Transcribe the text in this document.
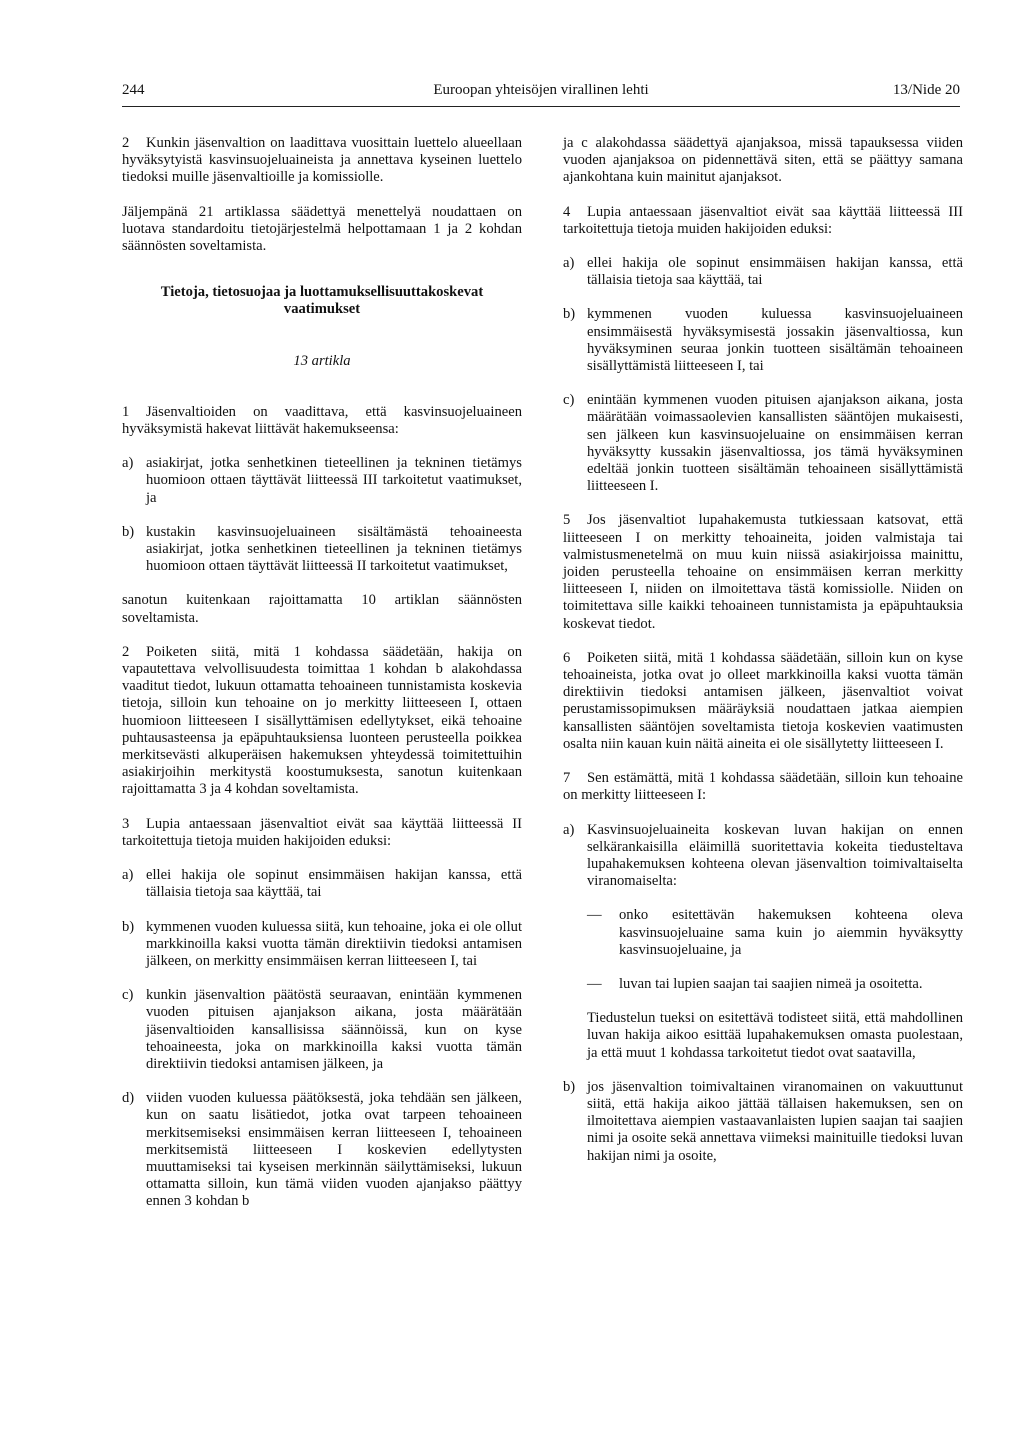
244	Euroopan yhteisöjen virallinen lehti	13/Nide 20

2 Kunkin jäsenvaltion on laadittava vuosittain luettelo alueellaan hyväksytyistä kasvinsuojeluaineista ja annettava kyseinen luettelo tiedoksi muille jäsenvaltioille ja komissiolle.

Jäljempänä 21 artiklassa säädettyä menettelyä noudattaen on luotava standardoitu tietojärjestelmä helpottamaan 1 ja 2 kohdan säännösten soveltamista.

Tietoja, tietosuojaa ja luottamuksellisuuttakoskevat vaatimukset

13 artikla

1 Jäsenvaltioiden on vaadittava, että kasvinsuojeluaineen hyväksymistä hakevat liittävät hakemukseensa:

a) asiakirjat, jotka senhetkinen tieteellinen ja tekninen tietämys huomioon ottaen täyttävät liitteessä III tarkoitetut vaatimukset, ja
b) kustakin kasvinsuojeluaineen sisältämästä tehoaineesta asiakirjat, jotka senhetkinen tieteellinen ja tekninen tietämys huomioon ottaen täyttävät liitteessä II tarkoitetut vaatimukset,

sanotun kuitenkaan rajoittamatta 10 artiklan säännösten soveltamista.

2 Poiketen siitä, mitä 1 kohdassa säädetään, hakija on vapautettava velvollisuudesta toimittaa 1 kohdan b alakohdassa vaaditut tiedot, lukuun ottamatta tehoaineen tunnistamista koskevia tietoja, silloin kun tehoaine on jo merkitty liitteeseen I, ottaen huomioon liitteeseen I sisällyttämisen edellytykset, eikä tehoaine puhtausasteensa ja epäpuhtauksiensa luonteen perusteella poikkea merkitsevästi alkuperäisen hakemuksen yhteydessä toimitettuihin asiakirjoihin merkitystä koostumuksesta, sanotun kuitenkaan rajoittamatta 3 ja 4 kohdan soveltamista.

3 Lupia antaessaan jäsenvaltiot eivät saa käyttää liitteessä II tarkoitettuja tietoja muiden hakijoiden eduksi:

a) ellei hakija ole sopinut ensimmäisen hakijan kanssa, että tällaisia tietoja saa käyttää, tai
b) kymmenen vuoden kuluessa siitä, kun tehoaine, joka ei ole ollut markkinoilla kaksi vuotta tämän direktiivin tiedoksi antamisen jälkeen, on merkitty ensimmäisen kerran liitteeseen I, tai
c) kunkin jäsenvaltion päätöstä seuraavan, enintään kymmenen vuoden pituisen ajanjakson aikana, josta määrätään jäsenvaltioiden kansallisissa säännöissä, kun on kyse tehoaineesta, joka on markkinoilla kaksi vuotta tämän direktiivin tiedoksi antamisen jälkeen, ja
d) viiden vuoden kuluessa päätöksestä, joka tehdään sen jälkeen, kun on saatu lisätiedot, jotka ovat tarpeen tehoaineen merkitsemiseksi ensimmäisen kerran liitteeseen I, tehoaineen merkitsemistä liitteeseen I koskevien edellytysten muuttamiseksi tai kyseisen merkinnän säilyttämiseksi, lukuun ottamatta silloin, kun tämä viiden vuoden ajanjakso päättyy ennen 3 kohdan b

ja c alakohdassa säädettyä ajanjaksoa, missä tapauksessa viiden vuoden ajanjaksoa on pidennettävä siten, että se päättyy samana ajankohtana kuin mainitut ajanjaksot.

4 Lupia antaessaan jäsenvaltiot eivät saa käyttää liitteessä III tarkoitettuja tietoja muiden hakijoiden eduksi:

a) ellei hakija ole sopinut ensimmäisen hakijan kanssa, että tällaisia tietoja saa käyttää, tai
b) kymmenen vuoden kuluessa kasvinsuojeluaineen ensimmäisestä hyväksymisestä jossakin jäsenvaltiossa, kun hyväksyminen seuraa jonkin tuotteen sisältämän tehoaineen sisällyttämistä liitteeseen I, tai
c) enintään kymmenen vuoden pituisen ajanjakson aikana, josta määrätään voimassaolevien kansallisten sääntöjen mukaisesti, sen jälkeen kun kasvinsuojeluaine on ensimmäisen kerran hyväksytty kussakin jäsenvaltiossa, jos tämä hyväksyminen edeltää jonkin tuotteen sisältämän tehoaineen sisällyttämistä liitteeseen I.

5 Jos jäsenvaltiot lupahakemusta tutkiessaan katsovat, että liitteeseen I on merkitty tehoaineita, joiden valmistaja tai valmistusmenetelmä on muu kuin niissä asiakirjoissa mainittu, joiden perusteella tehoaine on ensimmäisen kerran merkitty liitteeseen I, niiden on ilmoitettava tästä komissiolle. Niiden on toimitettava sille kaikki tehoaineen tunnistamista ja epäpuhtauksia koskevat tiedot.

6 Poiketen siitä, mitä 1 kohdassa säädetään, silloin kun on kyse tehoaineista, jotka ovat jo olleet markkinoilla kaksi vuotta tämän direktiivin tiedoksi antamisen jälkeen, jäsenvaltiot voivat perustamissopimuksen määräyksiä noudattaen jatkaa aiempien kansallisten sääntöjen soveltamista tietoja koskevien vaatimusten osalta niin kauan kuin näitä aineita ei ole sisällytetty liitteeseen I.

7 Sen estämättä, mitä 1 kohdassa säädetään, silloin kun tehoaine on merkitty liitteeseen I:

a) Kasvinsuojeluaineita koskevan luvan hakijan on ennen selkärankaisilla eläimillä suoritettavia kokeita tiedusteltava lupahakemuksen kohteena olevan jäsenvaltion toimivaltaiselta viranomaiselta:
—	onko esitettävän hakemuksen kohteena oleva kasvinsuojeluaine sama kuin jo aiemmin hyväksytty kasvinsuojeluaine, ja
—	luvan tai lupien saajan tai saajien nimeä ja osoitetta.

Tiedustelun tueksi on esitettävä todisteet siitä, että mahdollinen luvan hakija aikoo esittää lupahakemuksen omasta puolestaan, ja että muut 1 kohdassa tarkoitetut tiedot ovat saatavilla,

b) jos jäsenvaltion toimivaltainen viranomainen on vakuuttunut siitä, että hakija aikoo jättää tällaisen hakemuksen, sen on ilmoitettava aiempien vastaavanlaisten lupien saajan tai saajien nimi ja osoite sekä annettava viimeksi mainituille tiedoksi luvan hakijan nimi ja osoite,
